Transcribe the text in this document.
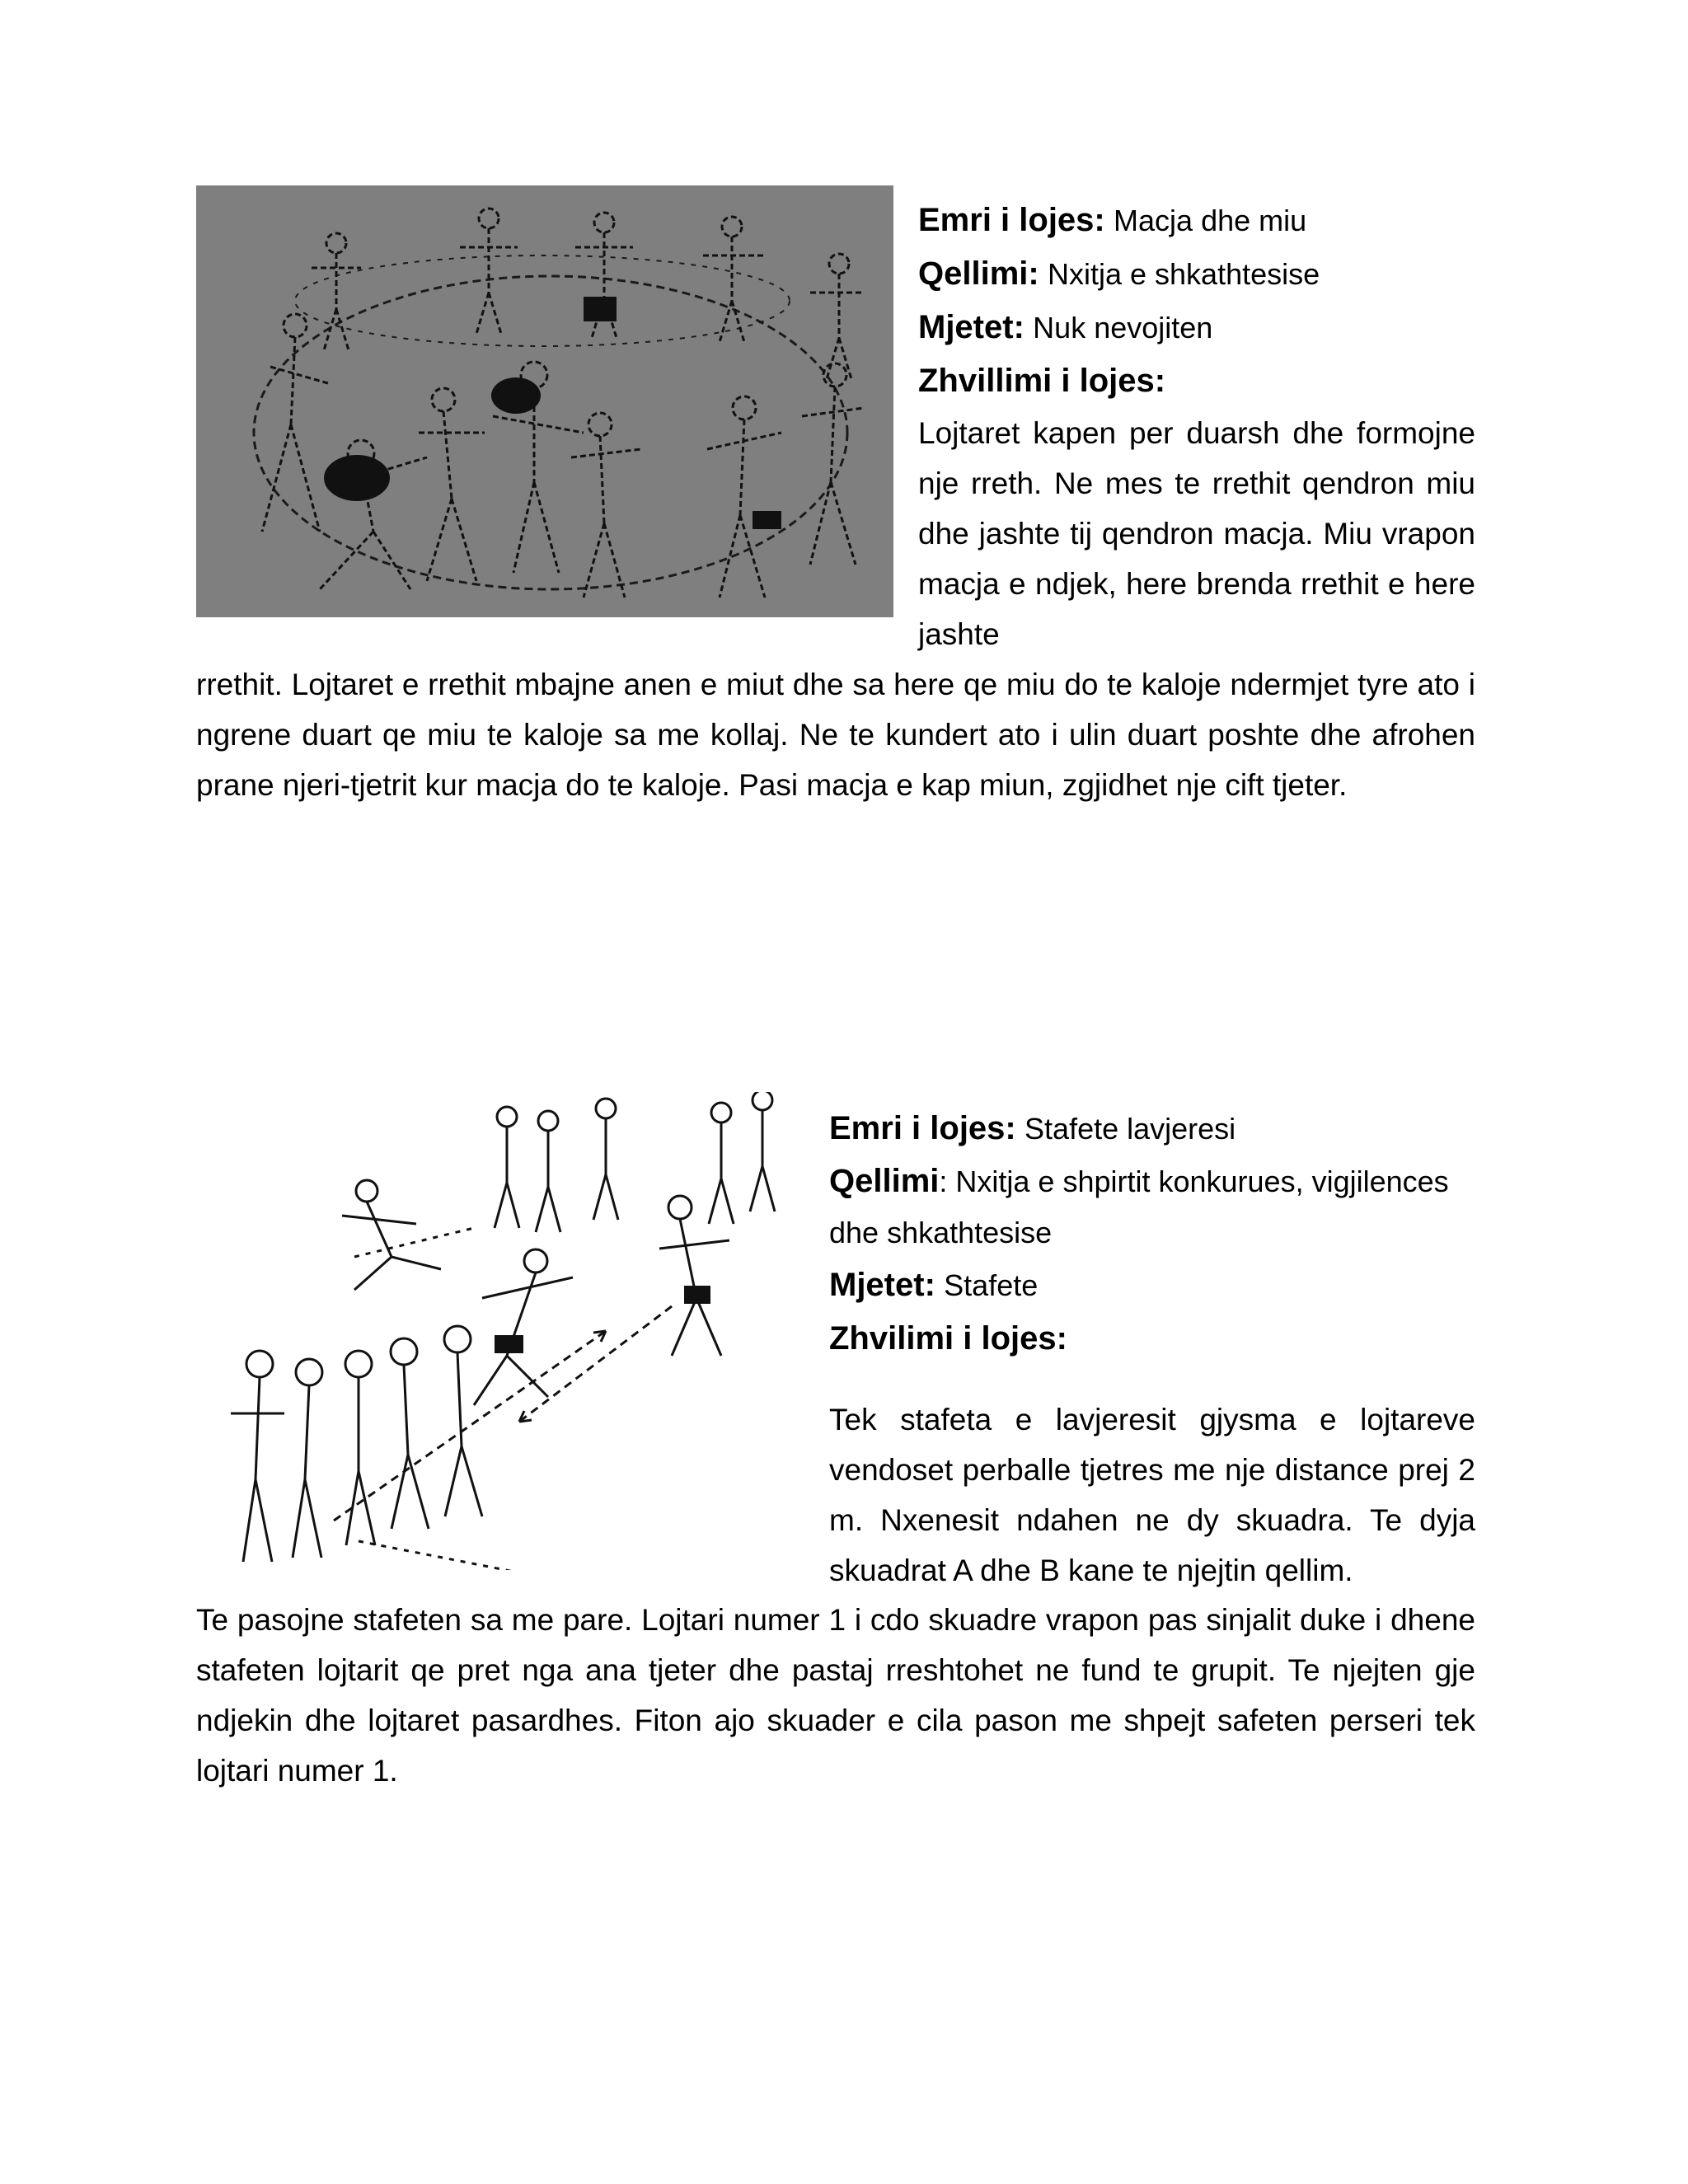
Emri i lojes: Macja dhe miu
Qellimi: Nxitja e shkathtesise
Mjetet: Nuk nevojiten
Zhvillimi i lojes:
Lojtaret kapen per duarsh dhe formojne nje rreth. Ne mes te rrethit qendron miu dhe jashte tij qendron macja. Miu vrapon macja e ndjek, here brenda rrethit e here jashte
rrethit. Lojtaret e rrethit mbajne anen e miut dhe sa here qe miu do te kaloje ndermjet tyre ato i ngrene duart qe miu te kaloje sa me kollaj. Ne te kundert ato i ulin duart poshte dhe afrohen prane njeri-tjetrit kur macja do te kaloje. Pasi macja e kap miun, zgjidhet nje cift tjeter.
Emri i lojes: Stafete lavjeresi
Qellimi: Nxitja e shpirtit konkurues, vigjilences dhe shkathtesise
Mjetet: Stafete
Zhvilimi i lojes:
Tek stafeta e lavjeresit gjysma e lojtareve vendoset perballe tjetres me nje distance prej 2 m. Nxenesit ndahen ne dy skuadra. Te dyja skuadrat A dhe B kane te njejtin qellim.
Te pasojne stafeten sa me pare. Lojtari numer 1 i cdo skuadre vrapon pas sinjalit duke i dhene stafeten lojtarit qe pret nga ana tjeter dhe pastaj rreshtohet ne fund te grupit. Te njejten gje ndjekin dhe lojtaret pasardhes. Fiton ajo skuader e cila pason me shpejt safeten perseri tek lojtari numer 1.
